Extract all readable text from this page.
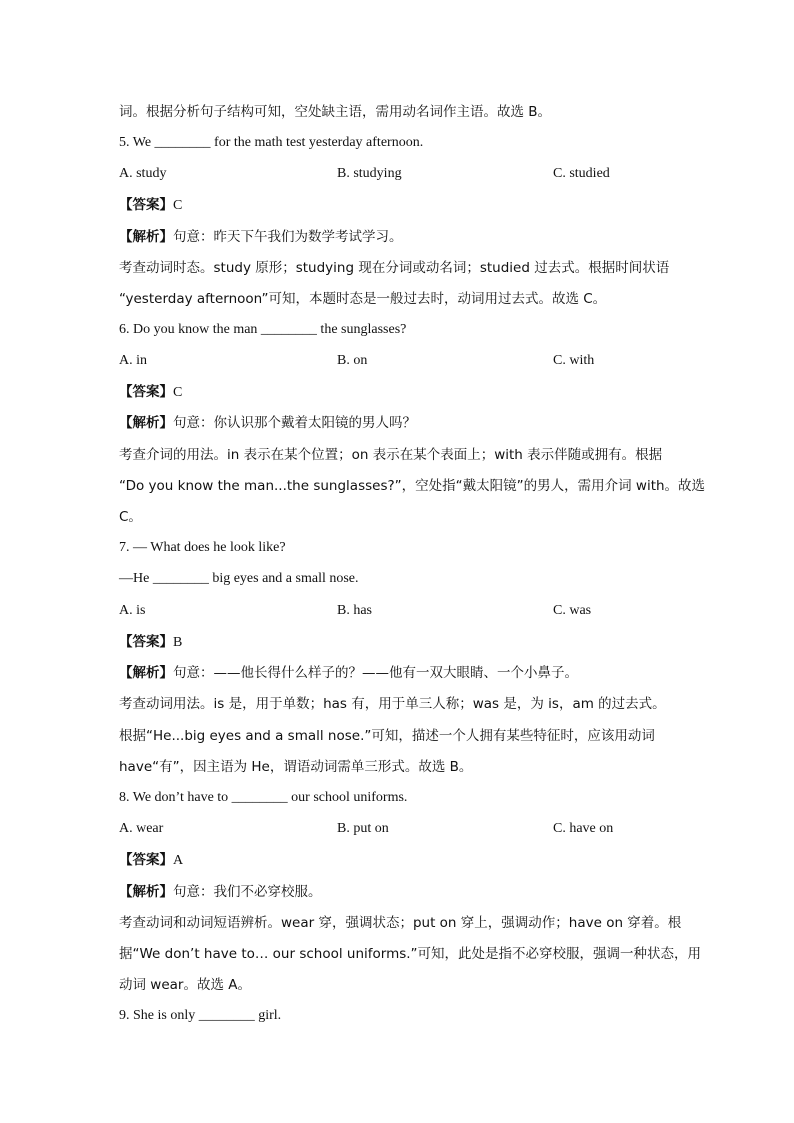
词。根据分析句子结构可知，空处缺主语，需用动名词作主语。故选 B。
5. We ________ for the math test yesterday afternoon.
A. study	B. studying	C. studied
【答案】C
【解析】句意：昨天下午我们为数学考试学习。
考查动词时态。study 原形；studying 现在分词或动名词；studied 过去式。根据时间状语
“yesterday afternoon”可知，本题时态是一般过去时，动词用过去式。故选 C。
6. Do you know the man ________ the sunglasses?
A. in	B. on	C. with
【答案】C
【解析】句意：你认识那个戴着太阳镜的男人吗？
考查介词的用法。in 表示在某个位置；on 表示在某个表面上；with 表示伴随或拥有。根据
“Do you know the man...the sunglasses?”，空处指“戴太阳镜”的男人，需用介词 with。故选
C。
7. — What does he look like?
—He ________ big eyes and a small nose.
A. is	B. has	C. was
【答案】B
【解析】句意：——他长得什么样子的？——他有一双大眼睛、一个小鼻子。
考查动词用法。is 是，用于单数；has 有，用于单三人称；was 是，为 is，am 的过去式。
根据“He...big eyes and a small nose.”可知，描述一个人拥有某些特征时，应该用动词
have“有”，因主语为 He，谓语动词需单三形式。故选 B。
8. We don’t have to ________ our school uniforms.
A. wear	B. put on	C. have on
【答案】A
【解析】句意：我们不必穿校服。
考查动词和动词短语辨析。wear 穿，强调状态；put on 穿上，强调动作；have on 穿着。根
据“We don’t have to… our school uniforms.”可知，此处是指不必穿校服，强调一种状态，用
动词 wear。故选 A。
9. She is only ________ girl.
